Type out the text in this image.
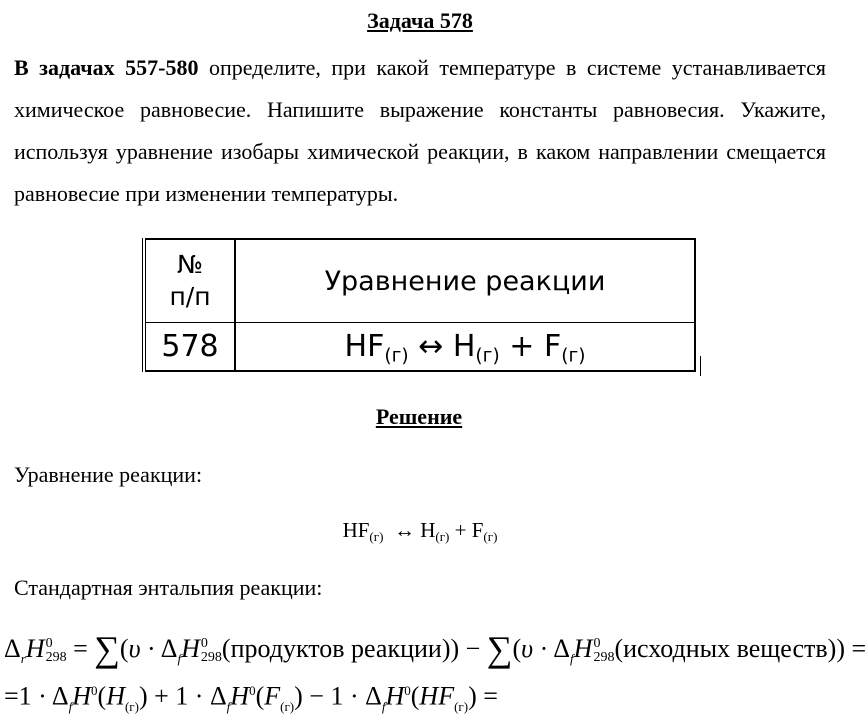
Задача 578
В задачах 557-580 определите, при какой температуре в системе устанавливается химическое равновесие. Напишите выражение константы равновесия. Укажите, используя уравнение изобары химической реакции, в каком направлении смещается равновесие при изменении температуры.
№
п/п	Уравнение реакции
578	$HF_{(г)}$ ↔ $H_{(г)} + F_{(г)}$
Решение
Уравнение реакции:
$HF_{(г)}$ ↔ $H_{(г)} + F_{(г)}$
Стандартная энтальпия реакции:
$\Delta_rH$ 0
$298 = \sum(\upsilon \cdot \Delta_fH$ 0
298 (продуктов реакции)) − $\sum(\upsilon \cdot \Delta_fH$ 0
298 (исходных веществ)) =
$=1 \cdot \Delta_fH^0(H_{(г)}) + 1 \cdot \Delta_fH^0(F_{(г)}) - 1 \cdot \Delta_fH^0(HF_{(г)})$ =
